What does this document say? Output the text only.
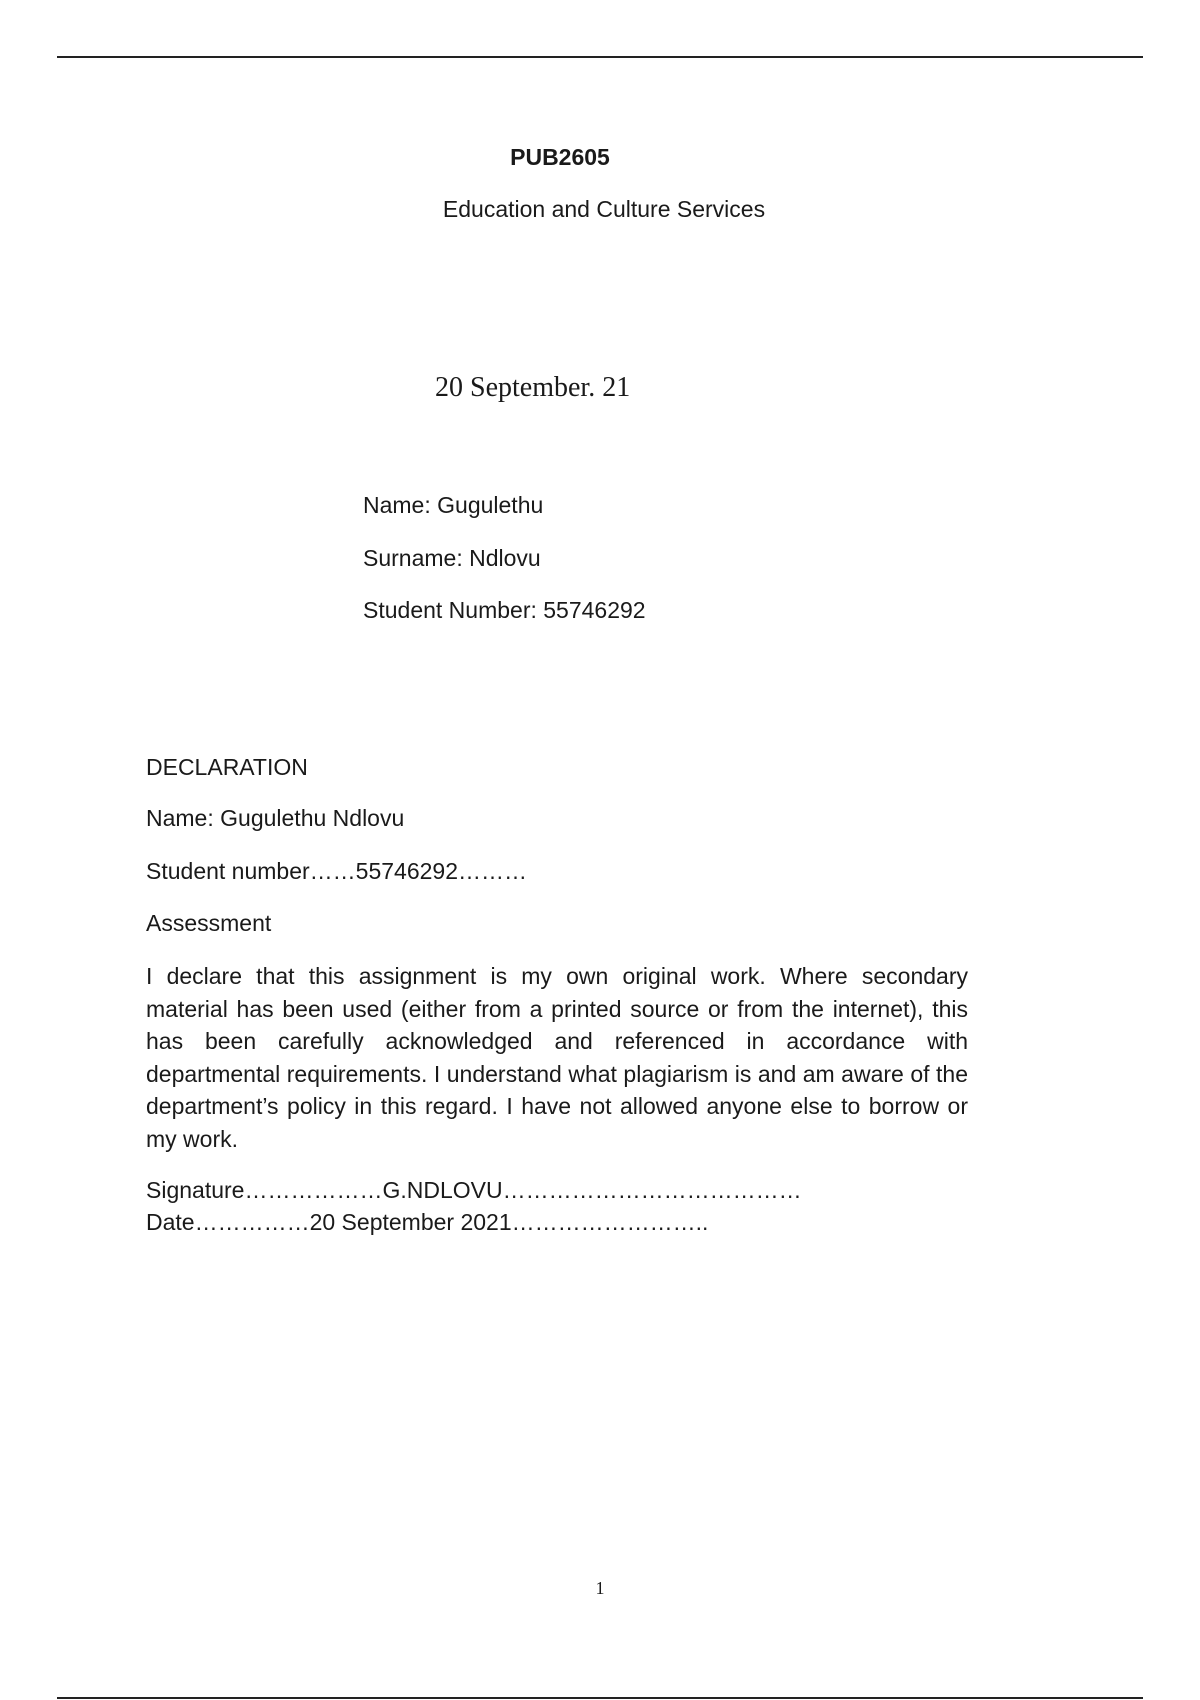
PUB2605
Education and Culture Services
20 September. 21
Name: Gugulethu
Surname: Ndlovu
Student Number: 55746292
DECLARATION
Name: Gugulethu Ndlovu
Student number……55746292………
Assessment

I declare that this assignment is my own original work. Where secondary material has been used (either from a printed source or from the internet), this has been carefully acknowledged and referenced in accordance with departmental requirements. I understand what plagiarism is and am aware of the department’s policy in this regard. I have not allowed anyone else to borrow or my work.

Signature………………G.NDLOVU…………………………………
Date……………20 September 2021……………………..
1
